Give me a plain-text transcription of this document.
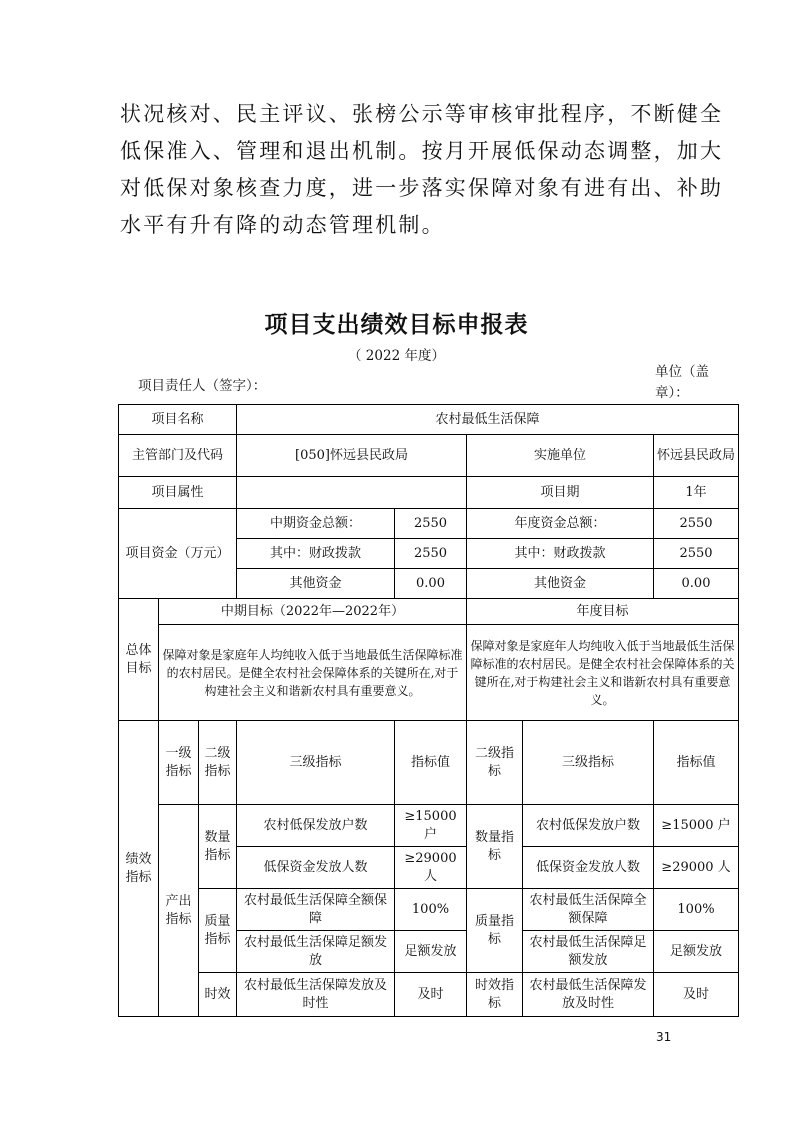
状况核对、民主评议、张榜公示等审核审批程序，不断健全

低保准入、管理和退出机制。按月开展低保动态调整，加大

对低保对象核查力度，进一步落实保障对象有进有出、补助

水平有升有降的动态管理机制。

项目支出绩效目标申报表
（ 2022 年度）
项目责任人（签字）：
单位（盖章）：
项目名称			农村最低生活保障				
主管部门及代码			[050]怀远县民政局		实施单位		怀远县民政局
项目属性					项目期		1年
项目资金（万元）			中期资金总额：	2550	年度资金总额：		2550
			其中：财政拨款	2550	其中：财政拨款		2550
			其他资金	0.00	其他资金		0.00
总体目标	中期目标（2022年—2022年）				年度目标		
	保障对象是家庭年人均纯收入低于当地最低生活保障标准的农村居民。是健全农村社会保障体系的关键所在,对于构建社会主义和谐新农村具有重要意义。				保障对象是家庭年人均纯收入低于当地最低生活保障标准的农村居民。是健全农村社会保障体系的关键所在,对于构建社会主义和谐新农村具有重要意义。		
绩效指标	一级指标	二级指标	三级指标	指标值	二级指标	三级指标	指标值
	产出指标	数量指标	农村低保发放户数	≥15000户	数量指标	农村低保发放户数	≥15000 户
			低保资金发放人数	≥29000人		低保资金发放人数	≥29000 人
		质量指标	农村最低生活保障全额保障	100%	质量指标	农村最低生活保障全额保障	100%
			农村最低生活保障足额发放	足额发放		农村最低生活保障足额发放	足额发放
		时效	农村最低生活保障发放及时性	及时	时效指标	农村最低生活保障发放及时性	及时
31
